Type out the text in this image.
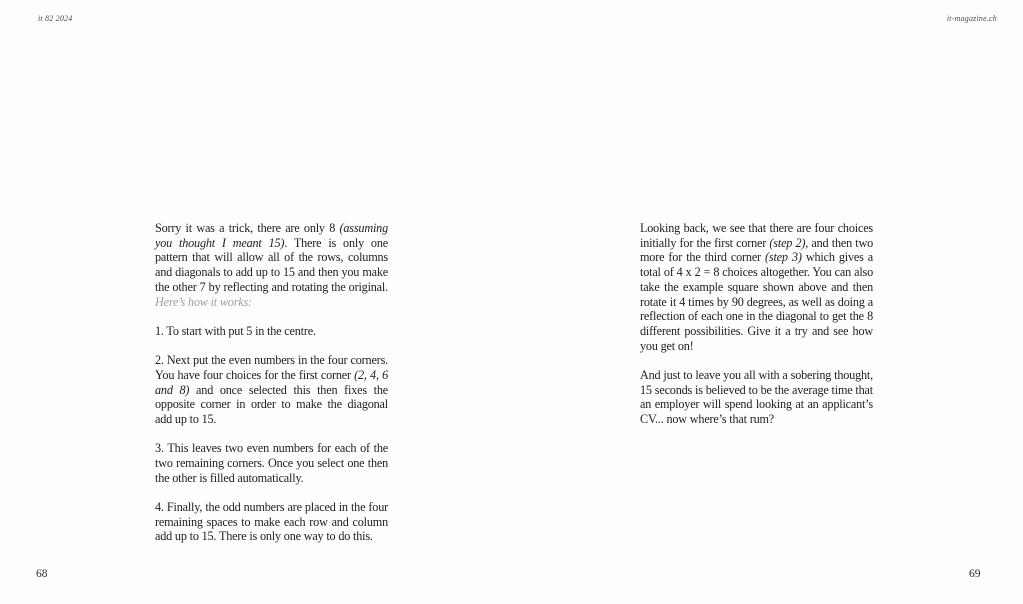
it 82 2024

Sorry it was a trick, there are only 8 (assuming you thought I meant 15). There is only one pattern that will allow all of the rows, columns and diagonals to add up to 15 and then you make the other 7 by reflecting and rotating the original. Here’s how it works:

1. To start with put 5 in the centre.

2. Next put the even numbers in the four corners. You have four choices for the first corner (2, 4, 6 and 8) and once selected this then fixes the opposite corner in order to make the diagonal add up to 15.

3. This leaves two even numbers for each of the two remaining corners. Once you select one then the other is filled automatically.

4. Finally, the odd numbers are placed in the four remaining spaces to make each row and column add up to 15. There is only one way to do this.

68
it-magazine.ch

Looking back, we see that there are four choices initially for the first corner (step 2), and then two more for the third corner (step 3) which gives a total of 4 x 2 = 8 choices altogether. You can also take the example square shown above and then rotate it 4 times by 90 degrees, as well as doing a reflection of each one in the diagonal to get the 8 different possibilities. Give it a try and see how you get on!

And just to leave you all with a sobering thought, 15 seconds is believed to be the average time that an employer will spend looking at an applicant’s CV... now where’s that rum?

69
